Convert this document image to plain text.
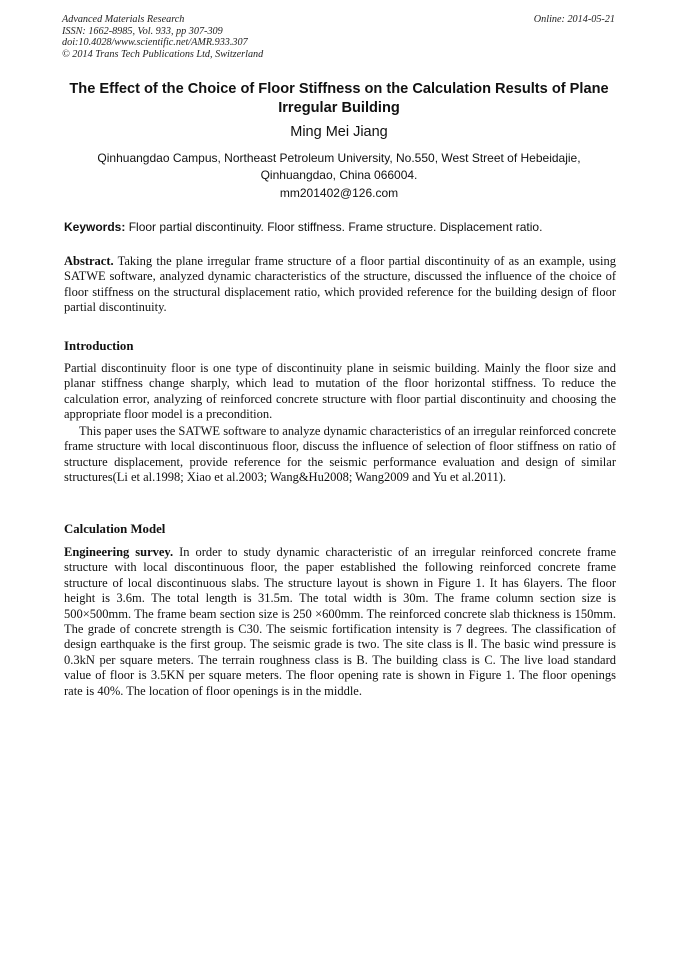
Advanced Materials Research
ISSN: 1662-8985, Vol. 933, pp 307-309
doi:10.4028/www.scientific.net/AMR.933.307
© 2014 Trans Tech Publications Ltd, Switzerland
Online: 2014-05-21
The Effect of the Choice of Floor Stiffness on the Calculation Results of Plane Irregular Building
Ming Mei Jiang
Qinhuangdao Campus, Northeast Petroleum University, No.550, West Street of Hebeidajie, Qinhuangdao, China 066004.
mm201402@126.com
Keywords: Floor partial discontinuity. Floor stiffness. Frame structure. Displacement ratio.
Abstract. Taking the plane irregular frame structure of a floor partial discontinuity of as an example, using SATWE software, analyzed dynamic characteristics of the structure, discussed the influence of the choice of floor stiffness on the structural displacement ratio, which provided reference for the building design of floor partial discontinuity.
Introduction
Partial discontinuity floor is one type of discontinuity plane in seismic building. Mainly the floor size and planar stiffness change sharply, which lead to mutation of the floor horizontal stiffness. To reduce the calculation error, analyzing of reinforced concrete structure with floor partial discontinuity and choosing the appropriate floor model is a precondition.
This paper uses the SATWE software to analyze dynamic characteristics of an irregular reinforced concrete frame structure with local discontinuous floor, discuss the influence of selection of floor stiffness on ratio of structure displacement, provide reference for the seismic performance evaluation and design of similar structures(Li et al.1998; Xiao et al.2003; Wang&Hu2008; Wang2009 and Yu et al.2011).
Calculation Model
Engineering survey. In order to study dynamic characteristic of an irregular reinforced concrete frame structure with local discontinuous floor, the paper established the following reinforced concrete frame structure of local discontinuous slabs. The structure layout is shown in Figure 1. It has 6layers. The floor height is 3.6m. The total length is 31.5m. The total width is 30m. The frame column section size is 500×500mm. The frame beam section size is 250 ×600mm. The reinforced concrete slab thickness is 150mm. The grade of concrete strength is C30. The seismic fortification intensity is 7 degrees. The classification of design earthquake is the first group. The seismic grade is two. The site class is Ⅱ. The basic wind pressure is 0.3kN per square meters. The terrain roughness class is B. The building class is C. The live load standard value of floor is 3.5KN per square meters. The floor opening rate is shown in Figure 1. The floor openings rate is 40%. The location of floor openings is in the middle.
